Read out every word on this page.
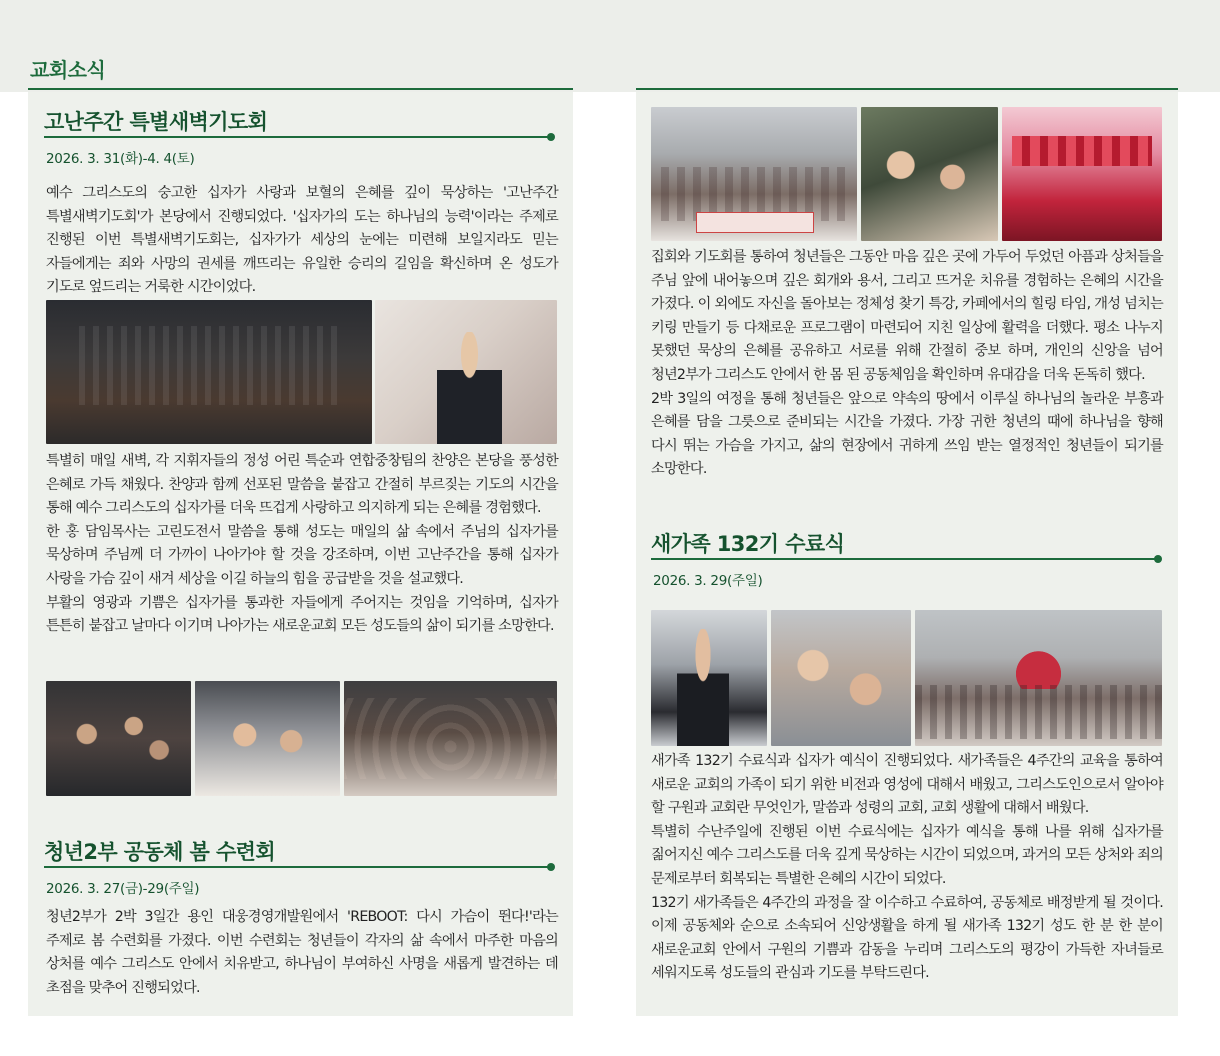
교회소식
고난주간 특별새벽기도회
2026. 3. 31(화)-4. 4(토)

예수 그리스도의 숭고한 십자가 사랑과 보혈의 은혜를 깊이 묵상하는 '고난주간 특별새벽기도회'가 본당에서 진행되었다. '십자가의 도는 하나님의 능력'이라는 주제로 진행된 이번 특별새벽기도회는, 십자가가 세상의 눈에는 미련해 보일지라도 믿는 자들에게는 죄와 사망의 권세를 깨뜨리는 유일한 승리의 길임을 확신하며 온 성도가 기도로 엎드리는 거룩한 시간이었다.

특별히 매일 새벽, 각 지휘자들의 정성 어린 특순과 연합중창팀의 찬양은 본당을 풍성한 은혜로 가득 채웠다. 찬양과 함께 선포된 말씀을 붙잡고 간절히 부르짖는 기도의 시간을 통해 예수 그리스도의 십자가를 더욱 뜨겁게 사랑하고 의지하게 되는 은혜를 경험했다.

한 홍 담임목사는 고린도전서 말씀을 통해 성도는 매일의 삶 속에서 주님의 십자가를 묵상하며 주님께 더 가까이 나아가야 할 것을 강조하며, 이번 고난주간을 통해 십자가 사랑을 가슴 깊이 새겨 세상을 이길 하늘의 힘을 공급받을 것을 설교했다.

부활의 영광과 기쁨은 십자가를 통과한 자들에게 주어지는 것임을 기억하며, 십자가 튼튼히 붙잡고 날마다 이기며 나아가는 새로운교회 모든 성도들의 삶이 되기를 소망한다.

청년2부 공동체 봄 수련회
2026. 3. 27(금)-29(주일)

청년2부가 2박 3일간 용인 대웅경영개발원에서 'REBOOT: 다시 가슴이 뛴다!'라는 주제로 봄 수련회를 가졌다. 이번 수련회는 청년들이 각자의 삶 속에서 마주한 마음의 상처를 예수 그리스도 안에서 치유받고, 하나님이 부여하신 사명을 새롭게 발견하는 데 초점을 맞추어 진행되었다.

집회와 기도회를 통하여 청년들은 그동안 마음 깊은 곳에 가두어 두었던 아픔과 상처들을 주님 앞에 내어놓으며 깊은 회개와 용서, 그리고 뜨거운 치유를 경험하는 은혜의 시간을 가졌다. 이 외에도 자신을 돌아보는 정체성 찾기 특강, 카페에서의 힐링 타임, 개성 넘치는 키링 만들기 등 다채로운 프로그램이 마련되어 지친 일상에 활력을 더했다. 평소 나누지 못했던 묵상의 은혜를 공유하고 서로를 위해 간절히 중보 하며, 개인의 신앙을 넘어 청년2부가 그리스도 안에서 한 몸 된 공동체임을 확인하며 유대감을 더욱 돈독히 했다.

2박 3일의 여정을 통해 청년들은 앞으로 약속의 땅에서 이루실 하나님의 놀라운 부흥과 은혜를 담을 그릇으로 준비되는 시간을 가졌다. 가장 귀한 청년의 때에 하나님을 향해 다시 뛰는 가슴을 가지고, 삶의 현장에서 귀하게 쓰임 받는 열정적인 청년들이 되기를 소망한다.

새가족 132기 수료식
2026. 3. 29(주일)

새가족 132기 수료식과 십자가 예식이 진행되었다. 새가족들은 4주간의 교육을 통하여 새로운 교회의 가족이 되기 위한 비전과 영성에 대해서 배웠고, 그리스도인으로서 알아야 할 구원과 교회란 무엇인가, 말씀과 성령의 교회, 교회 생활에 대해서 배웠다.

특별히 수난주일에 진행된 이번 수료식에는 십자가 예식을 통해 나를 위해 십자가를 짊어지신 예수 그리스도를 더욱 깊게 묵상하는 시간이 되었으며, 과거의 모든 상처와 죄의 문제로부터 회복되는 특별한 은혜의 시간이 되었다.

132기 새가족들은 4주간의 과정을 잘 이수하고 수료하여, 공동체로 배정받게 될 것이다. 이제 공동체와 순으로 소속되어 신앙생활을 하게 될 새가족 132기 성도 한 분 한 분이 새로운교회 안에서 구원의 기쁨과 감동을 누리며 그리스도의 평강이 가득한 자녀들로 세워지도록 성도들의 관심과 기도를 부탁드린다.
